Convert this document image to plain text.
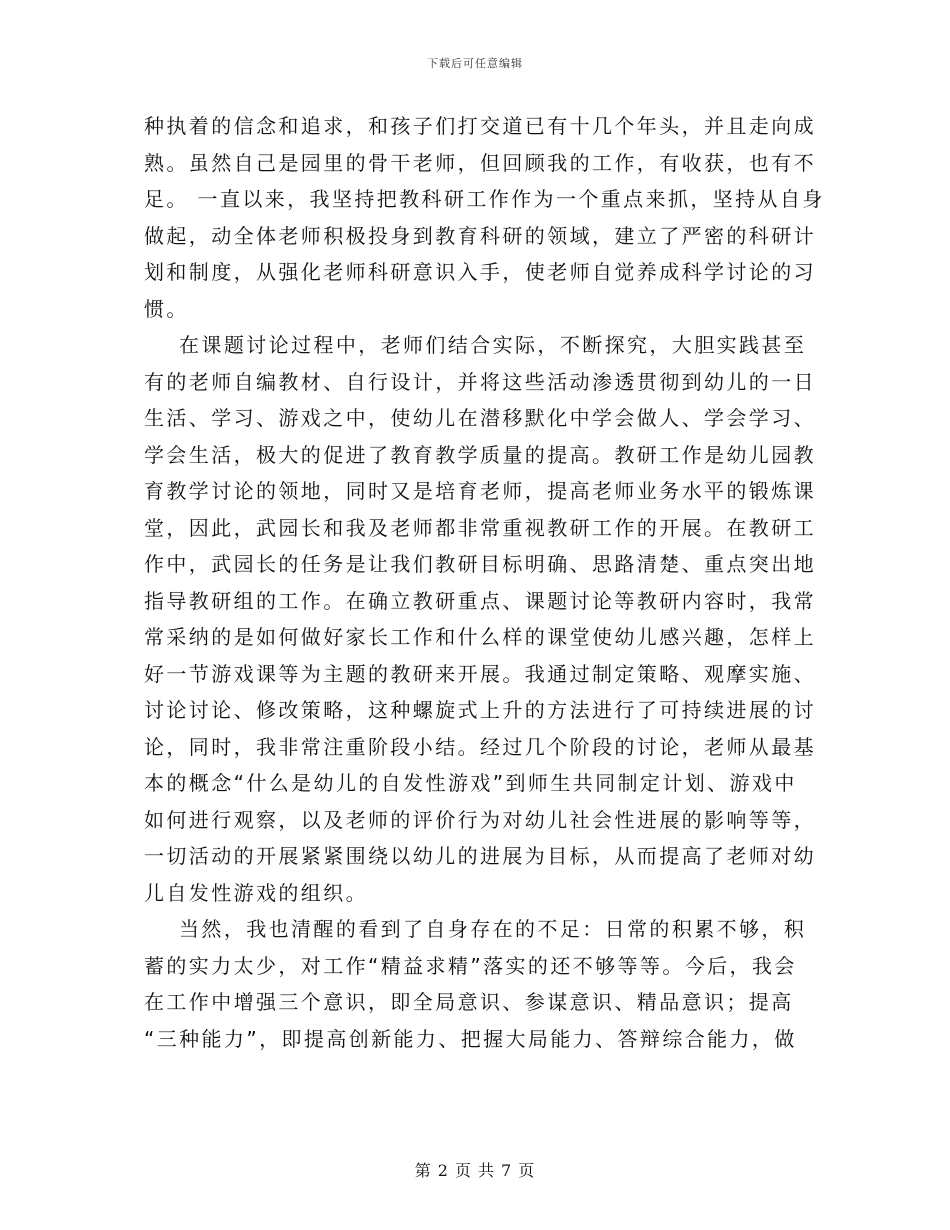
下载后可任意编辑
种执着的信念和追求，和孩子们打交道已有十几个年头，并且走向成
熟。虽然自己是园里的骨干老师，但回顾我的工作，有收获，也有不
足。 一直以来，我坚持把教科研工作作为一个重点来抓，坚持从自身
做起，动全体老师积极投身到教育科研的领域，建立了严密的科研计
划和制度，从强化老师科研意识入手，使老师自觉养成科学讨论的习
惯。
在课题讨论过程中，老师们结合实际，不断探究，大胆实践甚至
有的老师自编教材、自行设计，并将这些活动渗透贯彻到幼儿的一日
生活、学习、游戏之中，使幼儿在潜移默化中学会做人、学会学习、
学会生活，极大的促进了教育教学质量的提高。教研工作是幼儿园教
育教学讨论的领地，同时又是培育老师，提高老师业务水平的锻炼课
堂，因此，武园长和我及老师都非常重视教研工作的开展。在教研工
作中，武园长的任务是让我们教研目标明确、思路清楚、重点突出地
指导教研组的工作。在确立教研重点、课题讨论等教研内容时，我常
常采纳的是如何做好家长工作和什么样的课堂使幼儿感兴趣，怎样上
好一节游戏课等为主题的教研来开展。我通过制定策略、观摩实施、
讨论讨论、修改策略，这种螺旋式上升的方法进行了可持续进展的讨
论，同时，我非常注重阶段小结。经过几个阶段的讨论，老师从最基
本的概念“什么是幼儿的自发性游戏”到师生共同制定计划、游戏中
如何进行观察，以及老师的评价行为对幼儿社会性进展的影响等等，
一切活动的开展紧紧围绕以幼儿的进展为目标，从而提高了老师对幼
儿自发性游戏的组织。
当然，我也清醒的看到了自身存在的不足：日常的积累不够，积
蓄的实力太少，对工作“精益求精”落实的还不够等等。今后，我会
在工作中增强三个意识，即全局意识、参谋意识、精品意识；提高
“三种能力”，即提高创新能力、把握大局能力、答辩综合能力，做
第 2 页 共 7 页
